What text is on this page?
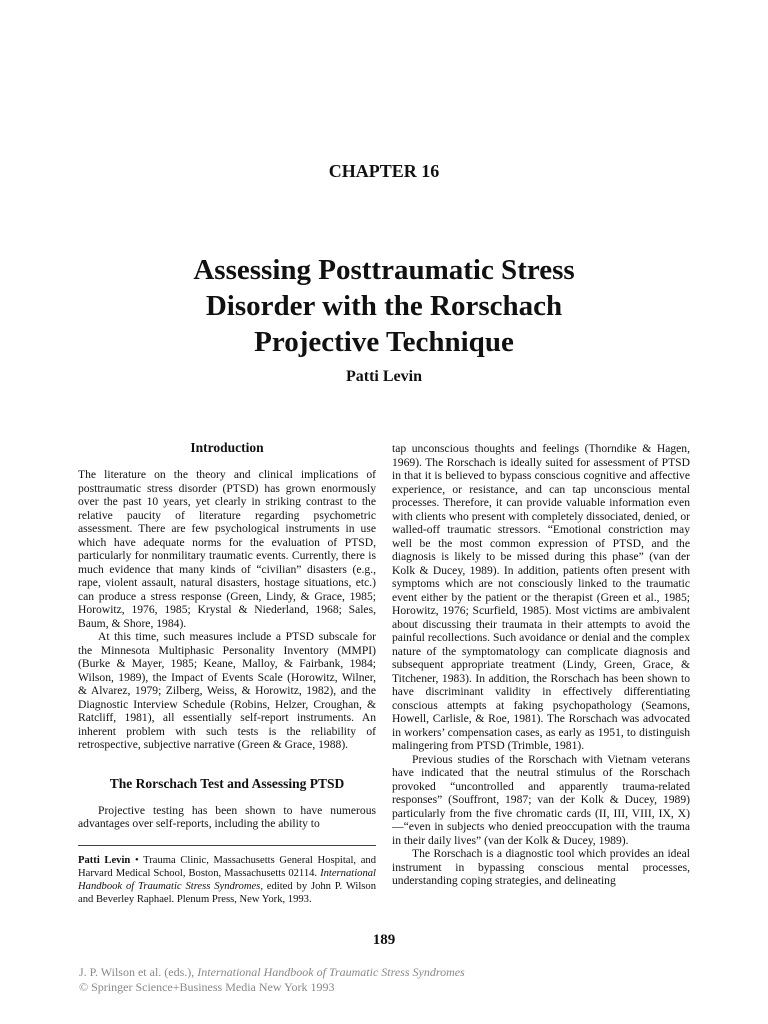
CHAPTER 16
Assessing Posttraumatic Stress
Disorder with the Rorschach
Projective Technique
Patti Levin
Introduction

The literature on the theory and clinical implications of posttraumatic stress disorder (PTSD) has grown enormously over the past 10 years, yet clearly in striking contrast to the relative paucity of literature regarding psychometric assessment. There are few psychological instruments in use which have adequate norms for the evaluation of PTSD, particularly for nonmilitary traumatic events. Currently, there is much evidence that many kinds of “civilian” disasters (e.g., rape, violent assault, natural disasters, hostage situations, etc.) can produce a stress response (Green, Lindy, & Grace, 1985; Horowitz, 1976, 1985; Krystal & Niederland, 1968; Sales, Baum, & Shore, 1984).

At this time, such measures include a PTSD subscale for the Minnesota Multiphasic Personality Inventory (MMPI) (Burke & Mayer, 1985; Keane, Malloy, & Fairbank, 1984; Wilson, 1989), the Impact of Events Scale (Horowitz, Wilner, & Alvarez, 1979; Zilberg, Weiss, & Horowitz, 1982), and the Diagnostic Interview Schedule (Robins, Helzer, Croughan, & Ratcliff, 1981), all essentially self-report instruments. An inherent problem with such tests is the reliability of retrospective, subjective narrative (Green & Grace, 1988).

The Rorschach Test and Assessing PTSD

Projective testing has been shown to have numerous advantages over self-reports, including the ability to

Patti Levin • Trauma Clinic, Massachusetts General Hospital, and Harvard Medical School, Boston, Massachusetts 02114. International Handbook of Traumatic Stress Syndromes, edited by John P. Wilson and Beverley Raphael. Plenum Press, New York, 1993.

tap unconscious thoughts and feelings (Thorndike & Hagen, 1969). The Rorschach is ideally suited for assessment of PTSD in that it is believed to bypass conscious cognitive and affective experience, or resistance, and can tap unconscious mental processes. Therefore, it can provide valuable information even with clients who present with completely dissociated, denied, or walled-off traumatic stressors. “Emotional constriction may well be the most common expression of PTSD, and the diagnosis is likely to be missed during this phase” (van der Kolk & Ducey, 1989). In addition, patients often present with symptoms which are not consciously linked to the traumatic event either by the patient or the therapist (Green et al., 1985; Horowitz, 1976; Scurfield, 1985). Most victims are ambivalent about discussing their traumata in their attempts to avoid the painful recollections. Such avoidance or denial and the complex nature of the symptomatology can complicate diagnosis and subsequent appropriate treatment (Lindy, Green, Grace, & Titchener, 1983). In addition, the Rorschach has been shown to have discriminant validity in effectively differentiating conscious attempts at faking psychopathology (Seamons, Howell, Carlisle, & Roe, 1981). The Rorschach was advocated in workers’ compensation cases, as early as 1951, to distinguish malingering from PTSD (Trimble, 1981).

Previous studies of the Rorschach with Vietnam veterans have indicated that the neutral stimulus of the Rorschach provoked “uncontrolled and apparently trauma-related responses” (Souffront, 1987; van der Kolk & Ducey, 1989) particularly from the five chromatic cards (II, III, VIII, IX, X)—“even in subjects who denied preoccupation with the trauma in their daily lives” (van der Kolk & Ducey, 1989).

The Rorschach is a diagnostic tool which provides an ideal instrument in bypassing conscious mental processes, understanding coping strategies, and delineating

189
J. P. Wilson et al. (eds.), International Handbook of Traumatic Stress Syndromes
© Springer Science+Business Media New York 1993
